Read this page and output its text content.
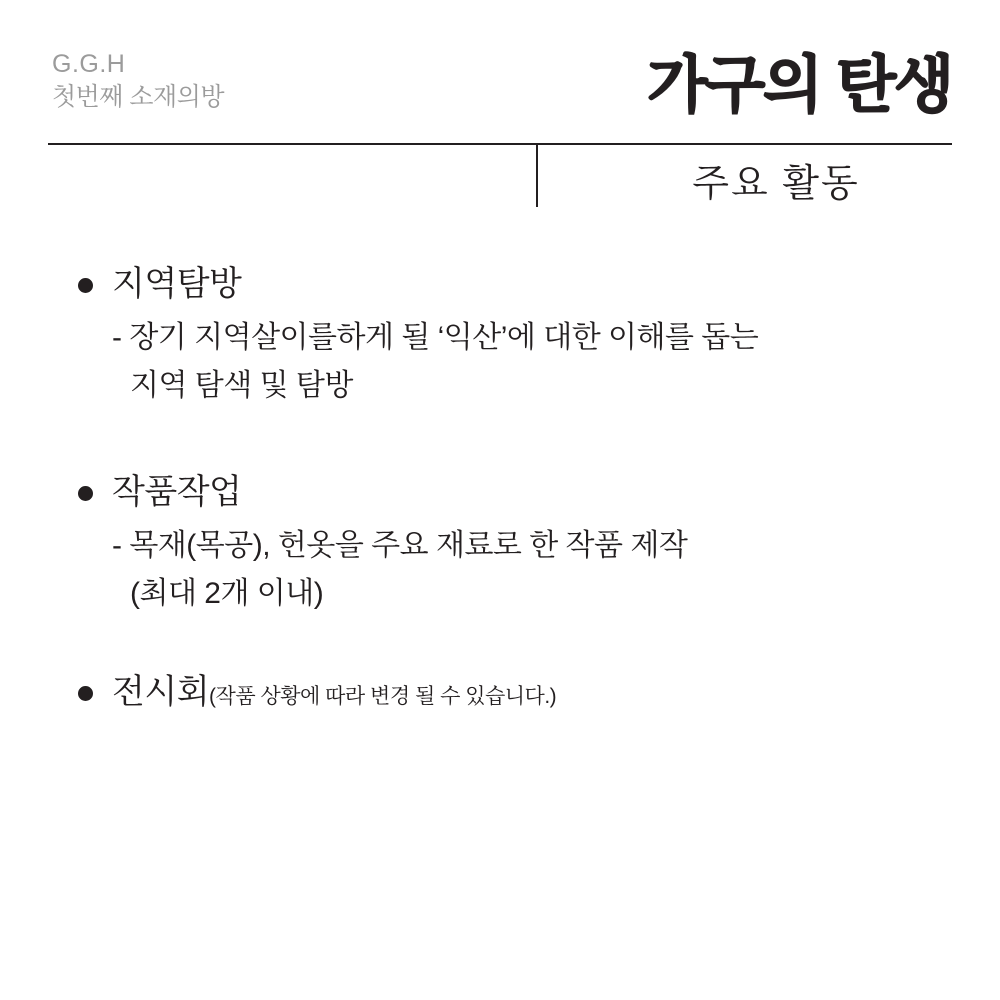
G.G.H
첫번째 소재의방	가구의 탄생
주요 활동
지역탐방
- 장기 지역살이를하게 될 ‘익산’에 대한 이해를 돕는
지역 탐색 및 탐방
작품작업
- 목재(목공), 헌옷을 주요 재료로 한 작품 제작
(최대 2개 이내)
전시회(작품 상황에 따라 변경 될 수 있습니다.)
